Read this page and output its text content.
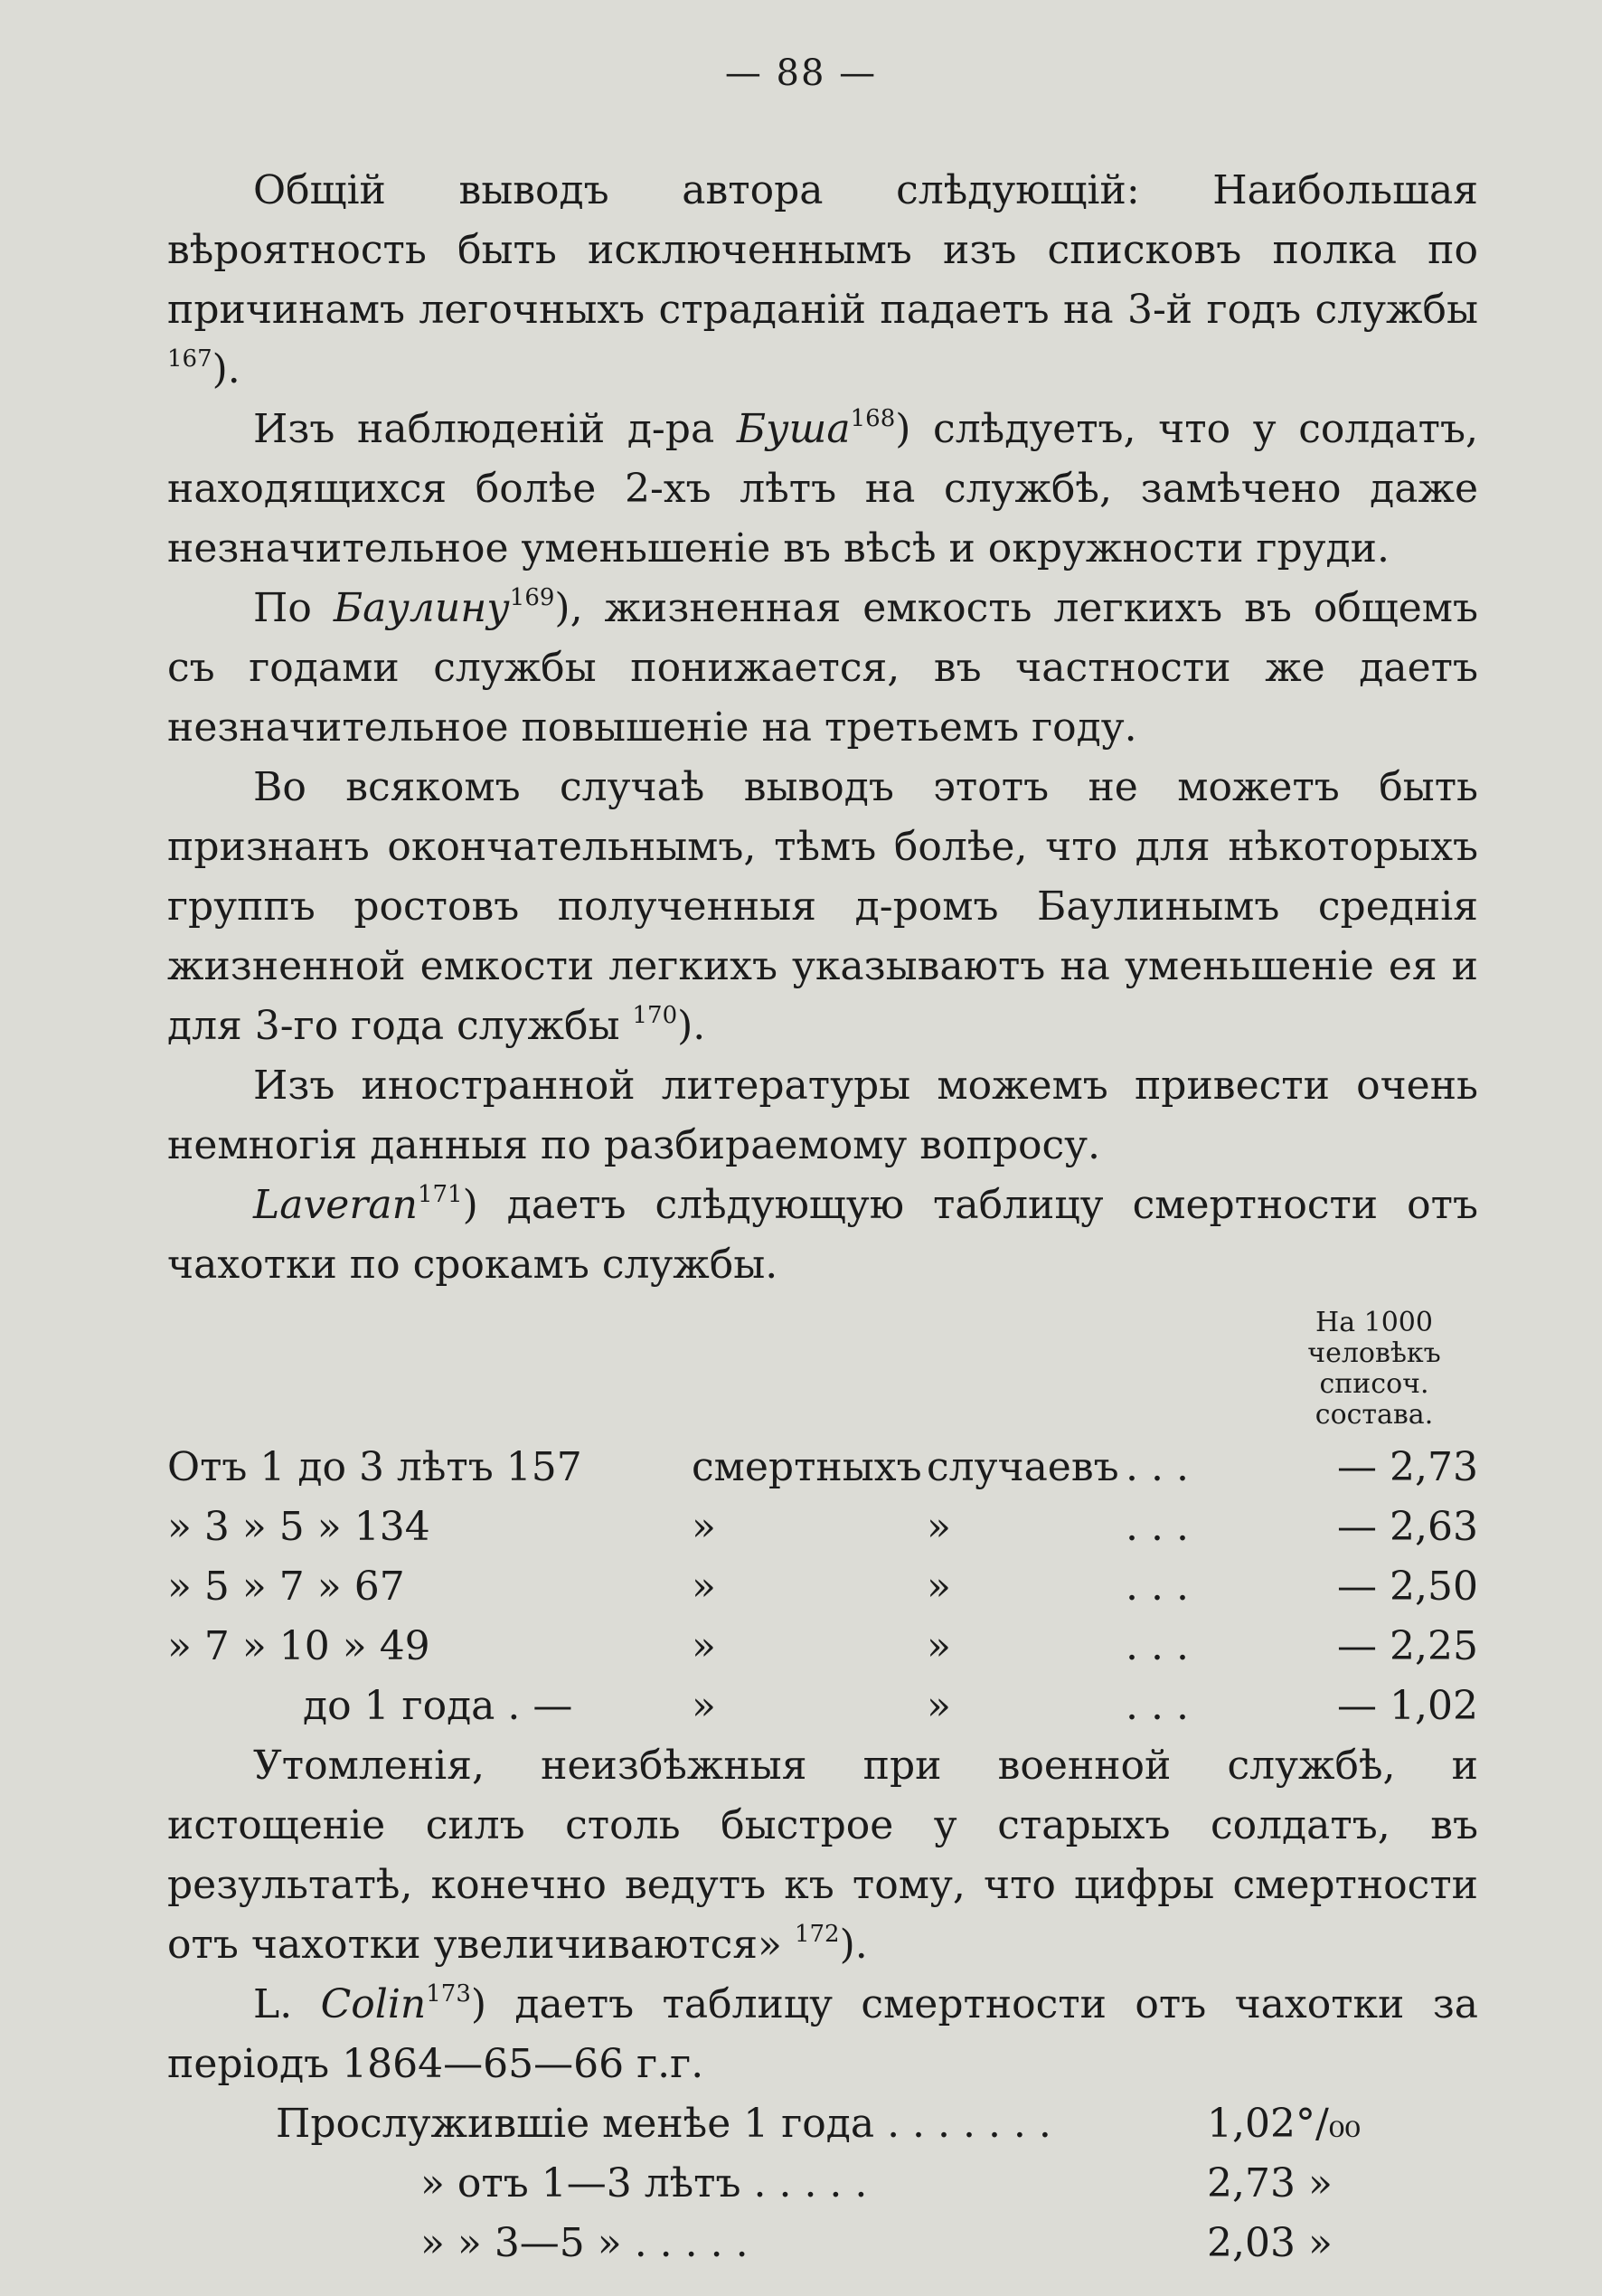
— 88 —

Общій выводъ автора слѣдующій: Наибольшая вѣроятность быть исключеннымъ изъ списковъ полка по причинамъ легочныхъ страданій падаетъ на 3-й годъ службы $^{167}$).

Изъ наблюденій д-ра Буша$^{168}$) слѣдуетъ, что у солдатъ, находящихся болѣе 2-хъ лѣтъ на службѣ, замѣчено даже незначительное уменьшеніе въ вѣсѣ и окружности груди.

По Баулину$^{169}$), жизненная емкость легкихъ въ общемъ съ годами службы понижается, въ частности же даетъ незначительное повышеніе на третьемъ году.

Во всякомъ случаѣ выводъ этотъ не можетъ быть признанъ окончательнымъ, тѣмъ болѣе, что для нѣкоторыхъ группъ ростовъ полученныя д-ромъ Баулинымъ среднія жизненной емкости легкихъ указываютъ на уменьшеніе ея и для 3-го года службы $^{170}$).

Изъ иностранной литературы можемъ привести очень немногія данныя по разбираемому вопросу.

Laveran$^{171}$) даетъ слѣдующую таблицу смертности отъ чахотки по срокамъ службы.

На 1000 человѣкъ списоч. состава.
Отъ 1 до 3 лѣтъ 157	смертныхъ случаевъ . . .	— 2,73
» 3 » 5 » 134	»	»	. . .	— 2,63
» 5 » 7 » 67	»	»	. . .	— 2,50
» 7 » 10 » 49	»	»	. . .	— 2,25
до 1 года . —	»	»	. . .	— 1,02

Утомленія, неизбѣжныя при военной службѣ, и истощеніе силъ столь быстрое у старыхъ солдатъ, въ результатѣ, конечно ведутъ къ тому, что цифры смертности отъ чахотки увеличиваются» $^{172}$).

L. Colin$^{173}$) даетъ таблицу смертности отъ чахотки за періодъ 1864—65—66 г.г.

Прослужившіе менѣе 1 года . . . . . . .	1,02°/₀₀
» отъ 1—3 лѣтъ . . . . .	2,73 »
» » 3—5 » . . . . .	2,03 »
